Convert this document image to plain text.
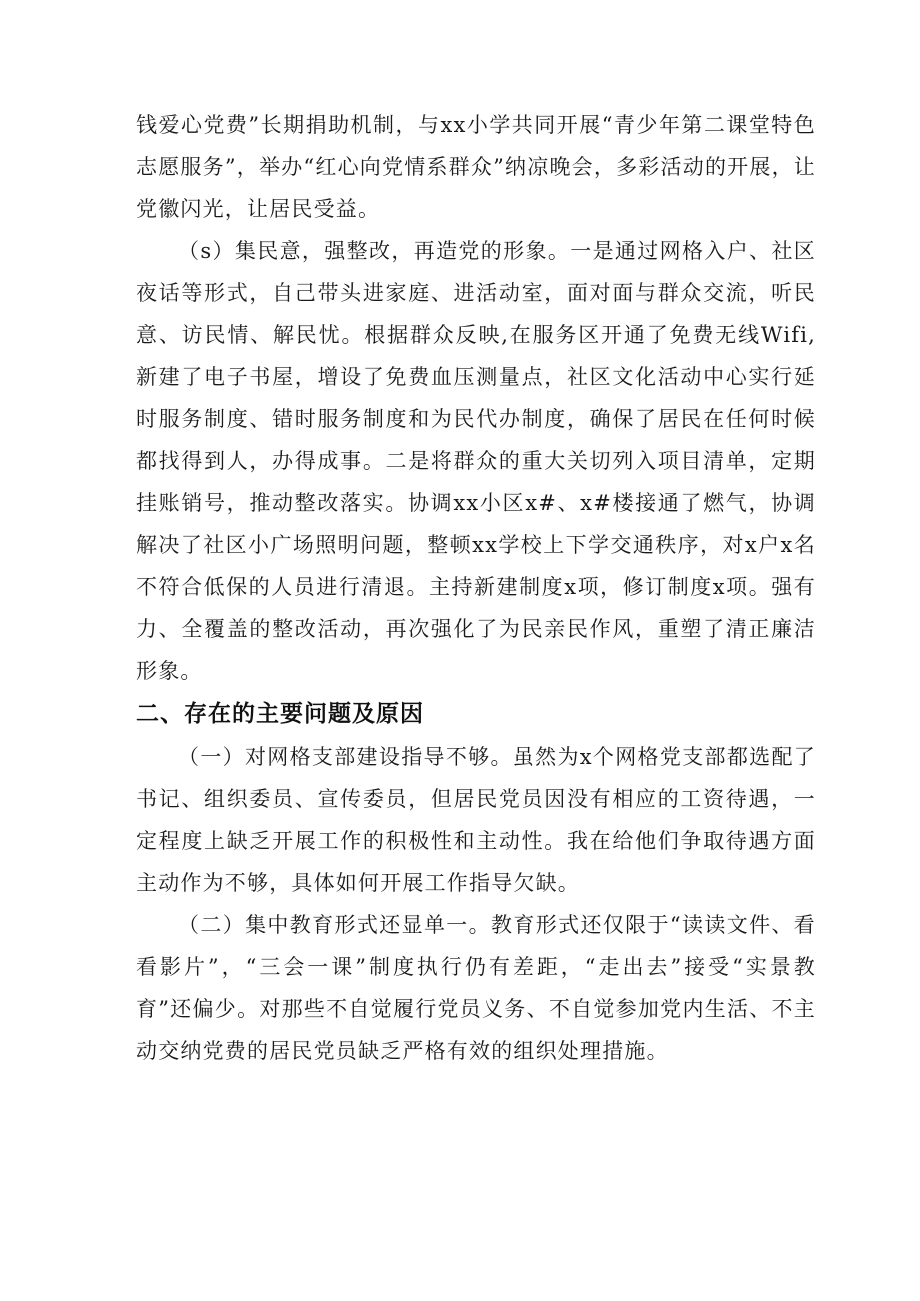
钱爱心党费”长期捐助机制，与xx小学共同开展“青少年第二课堂特色志愿服务”，举办“红心向党情系群众”纳凉晚会，多彩活动的开展，让党徽闪光，让居民受益。

（s）集民意，强整改，再造党的形象。一是通过网格入户、社区夜话等形式，自己带头进家庭、进活动室，面对面与群众交流，听民意、访民情、解民忧。根据群众反映,在服务区开通了免费无线Wifi,新建了电子书屋，增设了免费血压测量点，社区文化活动中心实行延时服务制度、错时服务制度和为民代办制度，确保了居民在任何时候都找得到人，办得成事。二是将群众的重大关切列入项目清单，定期挂账销号，推动整改落实。协调xx小区x#、x#楼接通了燃气，协调解决了社区小广场照明问题，整顿xx学校上下学交通秩序，对x户x名不符合低保的人员进行清退。主持新建制度x项，修订制度x项。强有力、全覆盖的整改活动，再次强化了为民亲民作风，重塑了清正廉洁形象。

二、存在的主要问题及原因

（一）对网格支部建设指导不够。虽然为x个网格党支部都选配了书记、组织委员、宣传委员，但居民党员因没有相应的工资待遇，一定程度上缺乏开展工作的积极性和主动性。我在给他们争取待遇方面主动作为不够，具体如何开展工作指导欠缺。

（二）集中教育形式还显单一。教育形式还仅限于“读读文件、看看影片”，“三会一课”制度执行仍有差距，“走出去”接受“实景教育”还偏少。对那些不自觉履行党员义务、不自觉参加党内生活、不主动交纳党费的居民党员缺乏严格有效的组织处理措施。
